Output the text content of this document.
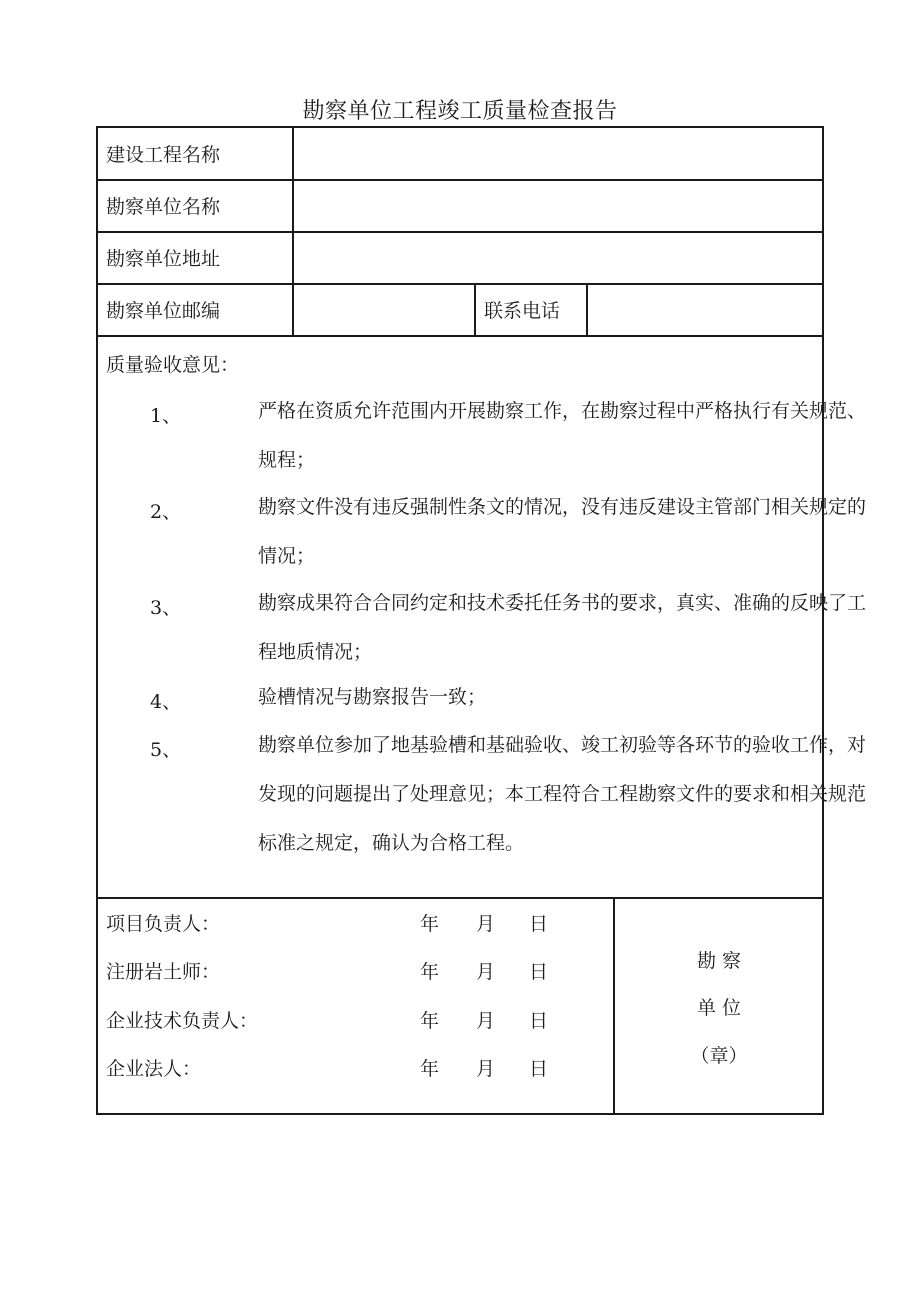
勘察单位工程竣工质量检查报告
建设工程名称
勘察单位名称
勘察单位地址
勘察单位邮编	联系电话
质量验收意见：
1、	严格在资质允许范围内开展勘察工作，在勘察过程中严格执行有关规范、规程；
2、	勘察文件没有违反强制性条文的情况，没有违反建设主管部门相关规定的情况；
3、	勘察成果符合合同约定和技术委托任务书的要求，真实、准确的反映了工程地质情况；
4、	验槽情况与勘察报告一致；
5、	勘察单位参加了地基验槽和基础验收、竣工初验等各环节的验收工作，对发现的问题提出了处理意见；本工程符合工程勘察文件的要求和相关规范标准之规定，确认为合格工程。
项目负责人：	年 月 日
注册岩土师：	年 月 日
企业技术负责人：	年 月 日
企业法人：	年 月 日
勘 察
单 位
（章）
